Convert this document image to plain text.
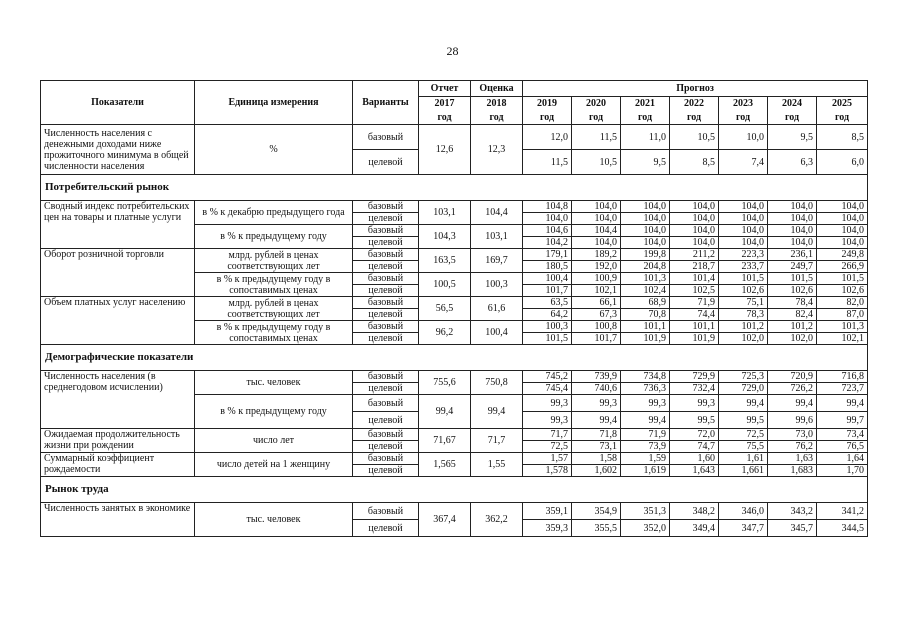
28
Показатели	Единица измерения	Варианты	Отчет	Оценка	Прогноз						
			2017	2018	2019	2020	2021	2022	2023	2024	2025
			год	год	год	год	год	год	год	год	год
Численность населения с денежными доходами ниже прожиточного минимума в общей численности населения	%	базовый	12,6	12,3	12,0	11,5	11,0	10,5	10,0	9,5	8,5
		целевой			11,5	10,5	9,5	8,5	7,4	6,3	6,0
Потребительский рынок											
Сводный индекс потребительских цен на товары и платные услуги	в % к декабрю предыдущего года	базовый	103,1	104,4	104,8	104,0	104,0	104,0	104,0	104,0	104,0
		целевой			104,0	104,0	104,0	104,0	104,0	104,0	104,0
	в % к предыдущему году	базовый	104,3	103,1	104,6	104,4	104,0	104,0	104,0	104,0	104,0
		целевой			104,2	104,0	104,0	104,0	104,0	104,0	104,0
Оборот розничной торговли	млрд. рублей в ценах соответствующих лет	базовый	163,5	169,7	179,1	189,2	199,8	211,2	223,3	236,1	249,8
		целевой			180,5	192,0	204,8	218,7	233,7	249,7	266,9
	в % к предыдущему году в сопоставимых ценах	базовый	100,5	100,3	100,4	100,9	101,3	101,4	101,5	101,5	101,5
		целевой			101,7	102,1	102,4	102,5	102,6	102,6	102,6
Объем платных услуг населению	млрд. рублей в ценах соответствующих лет	базовый	56,5	61,6	63,5	66,1	68,9	71,9	75,1	78,4	82,0
		целевой			64,2	67,3	70,8	74,4	78,3	82,4	87,0
	в % к предыдущему году в сопоставимых ценах	базовый	96,2	100,4	100,3	100,8	101,1	101,1	101,2	101,2	101,3
		целевой			101,5	101,7	101,9	101,9	102,0	102,0	102,1
Демографические показатели											
Численность населения (в среднегодовом исчислении)	тыс. человек	базовый	755,6	750,8	745,2	739,9	734,8	729,9	725,3	720,9	716,8
		целевой			745,4	740,6	736,3	732,4	729,0	726,2	723,7
	в % к предыдущему году	базовый	99,4	99,4	99,3	99,3	99,3	99,3	99,4	99,4	99,4
		целевой			99,3	99,4	99,4	99,5	99,5	99,6	99,7
Ожидаемая продолжительность жизни при рождении	число лет	базовый	71,67	71,7	71,7	71,8	71,9	72,0	72,5	73,0	73,4
		целевой			72,5	73,1	73,9	74,7	75,5	76,2	76,5
Суммарный коэффициент рождаемости	число детей на 1 женщину	базовый	1,565	1,55	1,57	1,58	1,59	1,60	1,61	1,63	1,64
		целевой			1,578	1,602	1,619	1,643	1,661	1,683	1,70
Рынок труда											
Численность занятых в экономике	тыс. человек	базовый	367,4	362,2	359,1	354,9	351,3	348,2	346,0	343,2	341,2
		целевой			359,3	355,5	352,0	349,4	347,7	345,7	344,5
